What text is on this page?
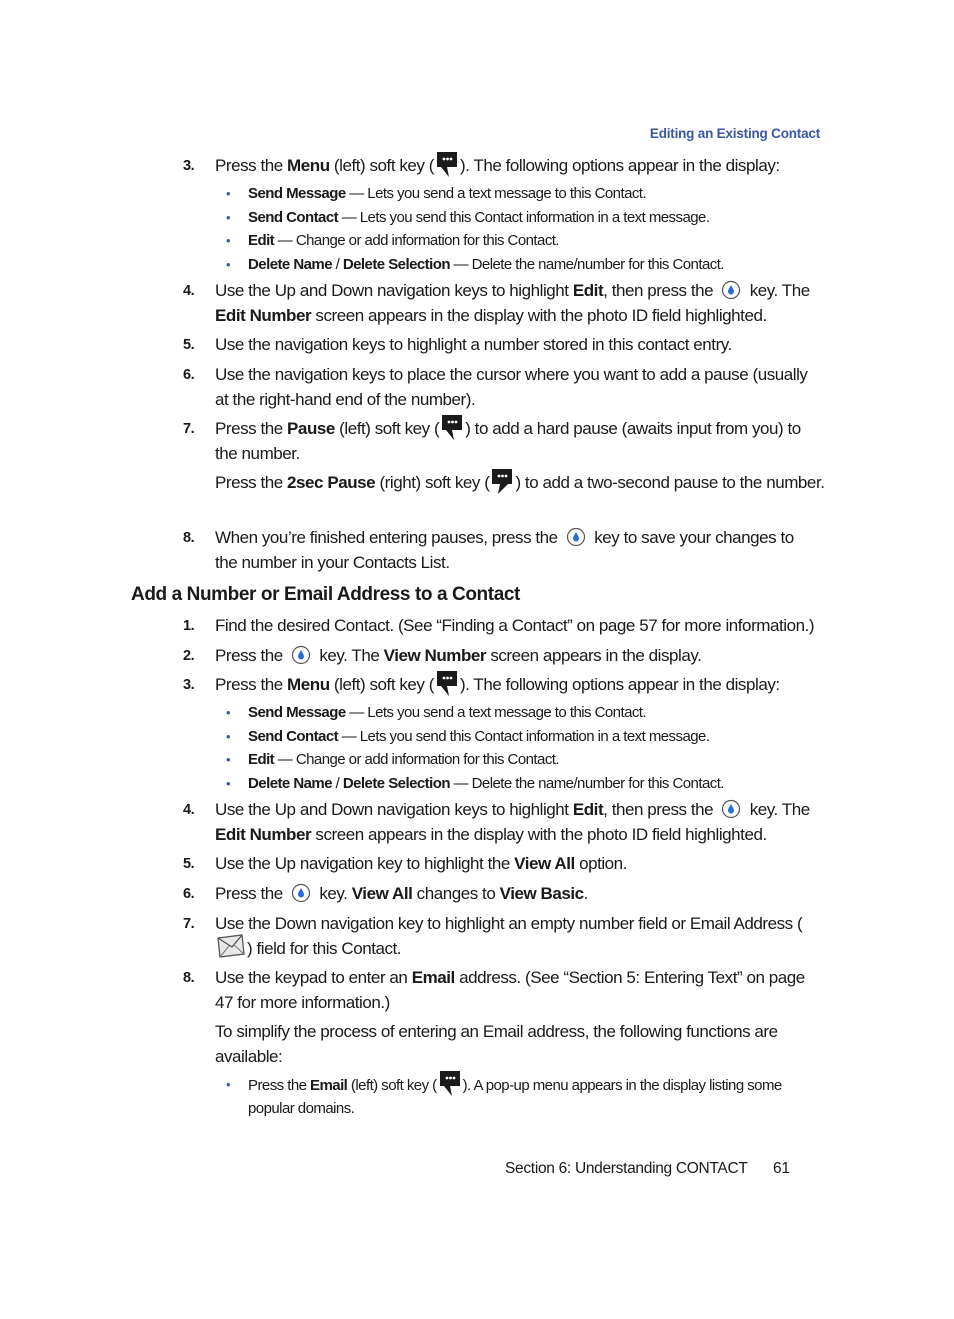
Editing an Existing Contact
3. Press the Menu (left) soft key ( ). The following options appear in the display:
• Send Message — Lets you send a text message to this Contact.
• Send Contact — Lets you send this Contact information in a text message.
• Edit — Change or add information for this Contact.
• Delete Name / Delete Selection — Delete the name/number for this Contact.
4. Use the Up and Down navigation keys to highlight Edit, then press the  key. The Edit Number screen appears in the display with the photo ID field highlighted.
5. Use the navigation keys to highlight a number stored in this contact entry.
6. Use the navigation keys to place the cursor where you want to add a pause (usually at the right-hand end of the number).
7. Press the Pause (left) soft key ( ) to add a hard pause (awaits input from you) to the number.
Press the 2sec Pause (right) soft key ( ) to add a two-second pause to the number.
8. When you’re finished entering pauses, press the  key to save your changes to the number in your Contacts List.
Add a Number or Email Address to a Contact
1. Find the desired Contact. (See “Finding a Contact” on page 57 for more information.)
2. Press the  key. The View Number screen appears in the display.
3. Press the Menu (left) soft key ( ). The following options appear in the display:
• Send Message — Lets you send a text message to this Contact.
• Send Contact — Lets you send this Contact information in a text message.
• Edit — Change or add information for this Contact.
• Delete Name / Delete Selection — Delete the name/number for this Contact.
4. Use the Up and Down navigation keys to highlight Edit, then press the  key. The Edit Number screen appears in the display with the photo ID field highlighted.
5. Use the Up navigation key to highlight the View All option.
6. Press the  key. View All changes to View Basic.
7. Use the Down navigation key to highlight an empty number field or Email Address () field for this Contact.
8. Use the keypad to enter an Email address. (See “Section 5: Entering Text” on page 47 for more information.)
To simplify the process of entering an Email address, the following functions are available:
• Press the Email (left) soft key ( ). A pop-up menu appears in the display listing some popular domains.
Section 6: Understanding CONTACT 61
